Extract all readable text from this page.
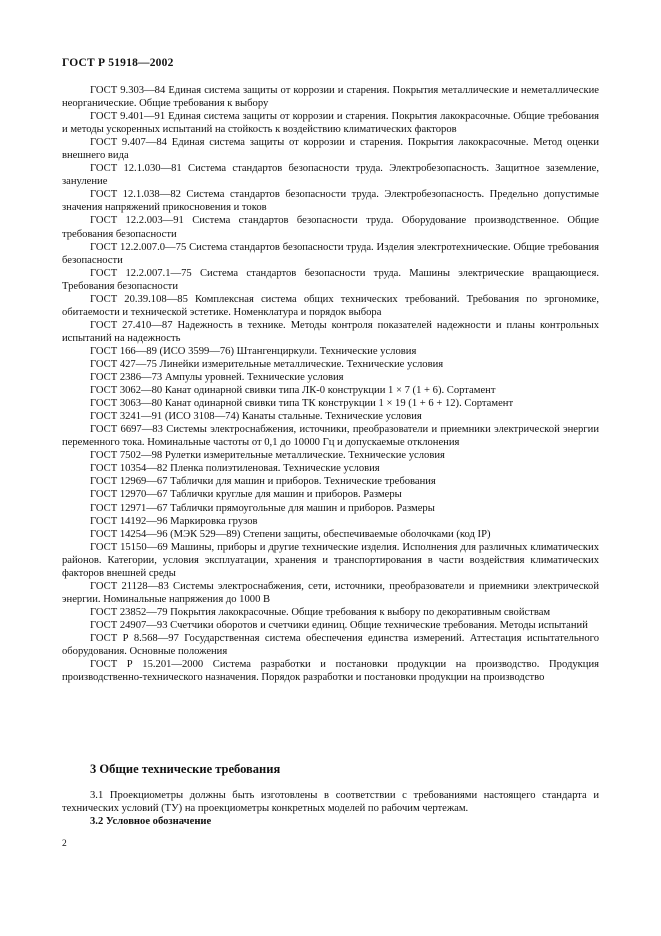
ГОСТ Р 51918—2002

ГОСТ 9.303—84 Единая система защиты от коррозии и старения. Покрытия металлические и неметаллические неорганические. Общие требования к выбору

ГОСТ 9.401—91 Единая система защиты от коррозии и старения. Покрытия лакокрасочные. Общие требования и методы ускоренных испытаний на стойкость к воздействию климатических факторов

ГОСТ 9.407—84 Единая система защиты от коррозии и старения. Покрытия лакокрасочные. Метод оценки внешнего вида

ГОСТ 12.1.030—81 Система стандартов безопасности труда. Электробезопасность. Защитное заземление, зануление

ГОСТ 12.1.038—82 Система стандартов безопасности труда. Электробезопасность. Предельно допустимые значения напряжений прикосновения и токов

ГОСТ 12.2.003—91 Система стандартов безопасности труда. Оборудование производственное. Общие требования безопасности

ГОСТ 12.2.007.0—75 Система стандартов безопасности труда. Изделия электротехнические. Общие требования безопасности

ГОСТ 12.2.007.1—75 Система стандартов безопасности труда. Машины электрические вращающиеся. Требования безопасности

ГОСТ 20.39.108—85 Комплексная система общих технических требований. Требования по эргономике, обитаемости и технической эстетике. Номенклатура и порядок выбора

ГОСТ 27.410—87 Надежность в технике. Методы контроля показателей надежности и планы контрольных испытаний на надежность

ГОСТ 166—89 (ИСО 3599—76) Штангенциркули. Технические условия

ГОСТ 427—75 Линейки измерительные металлические. Технические условия

ГОСТ 2386—73 Ампулы уровней. Технические условия

ГОСТ 3062—80 Канат одинарной свивки типа ЛК-0 конструкции 1 × 7 (1 + 6). Сортамент

ГОСТ 3063—80 Канат одинарной свивки типа ТК конструкции 1 × 19 (1 + 6 + 12). Сортамент

ГОСТ 3241—91 (ИСО 3108—74) Канаты стальные. Технические условия

ГОСТ 6697—83 Системы электроснабжения, источники, преобразователи и приемники электрической энергии переменного тока. Номинальные частоты от 0,1 до 10000 Гц и допускаемые отклонения

ГОСТ 7502—98 Рулетки измерительные металлические. Технические условия

ГОСТ 10354—82 Пленка полиэтиленовая. Технические условия

ГОСТ 12969—67 Таблички для машин и приборов. Технические требования

ГОСТ 12970—67 Таблички круглые для машин и приборов. Размеры

ГОСТ 12971—67 Таблички прямоугольные для машин и приборов. Размеры

ГОСТ 14192—96 Маркировка грузов

ГОСТ 14254—96 (МЭК 529—89) Степени защиты, обеспечиваемые оболочками (код IP)

ГОСТ 15150—69 Машины, приборы и другие технические изделия. Исполнения для различных климатических районов. Категории, условия эксплуатации, хранения и транспортирования в части воздействия климатических факторов внешней среды

ГОСТ 21128—83 Системы электроснабжения, сети, источники, преобразователи и приемники электрической энергии. Номинальные напряжения до 1000 В

ГОСТ 23852—79 Покрытия лакокрасочные. Общие требования к выбору по декоративным свойствам

ГОСТ 24907—93 Счетчики оборотов и счетчики единиц. Общие технические требования. Методы испытаний

ГОСТ Р 8.568—97 Государственная система обеспечения единства измерений. Аттестация испытательного оборудования. Основные положения

ГОСТ Р 15.201—2000 Система разработки и постановки продукции на производство. Продукция производственно-технического назначения. Порядок разработки и постановки продукции на производство

3 Общие технические требования

3.1 Проекциометры должны быть изготовлены в соответствии с требованиями настоящего стандарта и технических условий (ТУ) на проекциометры конкретных моделей по рабочим чертежам.

3.2 Условное обозначение
2
